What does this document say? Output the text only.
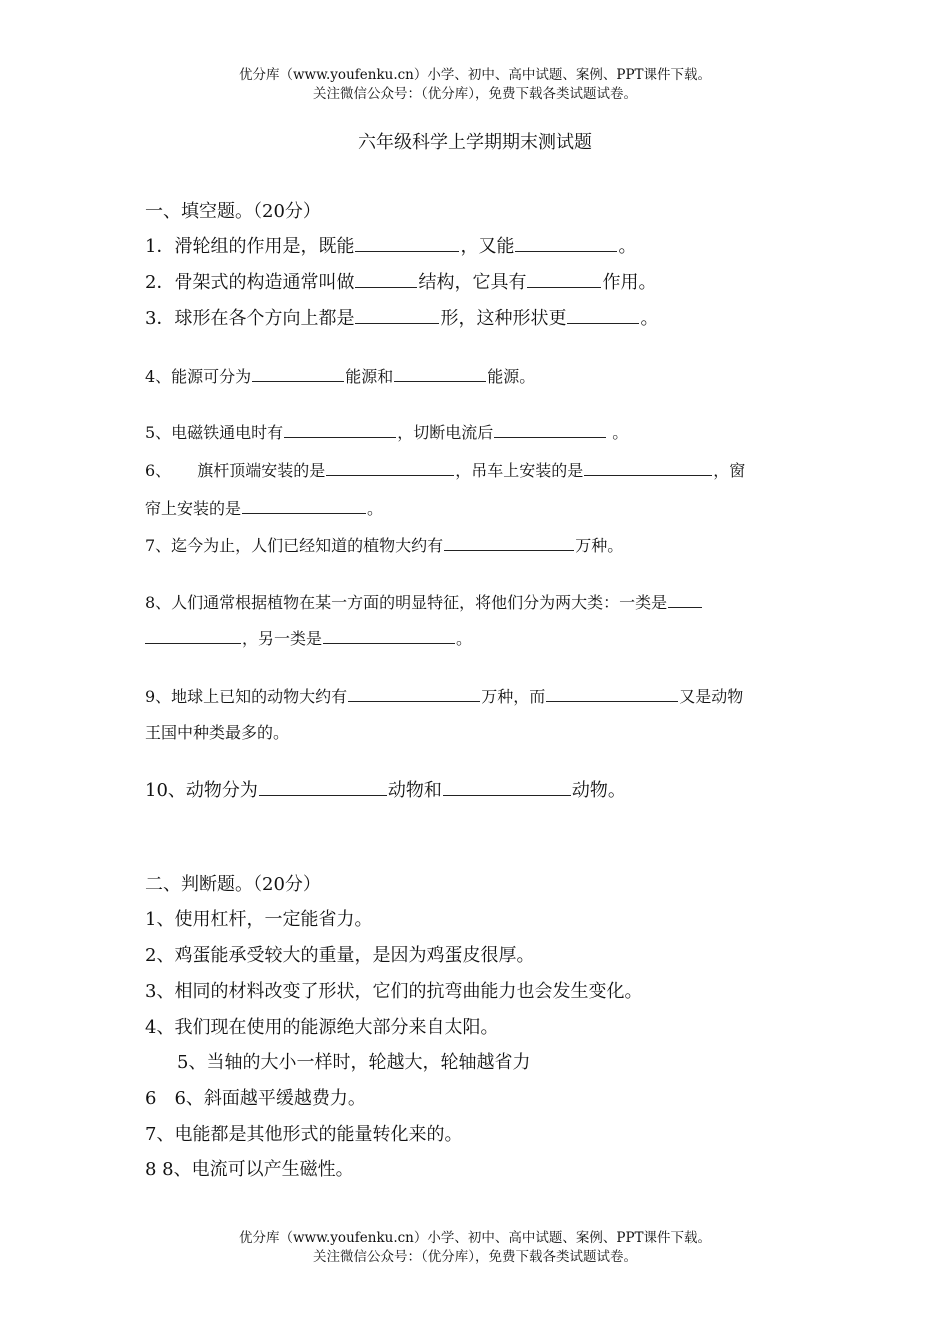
优分库（www.youfenku.cn）小学、初中、高中试题、案例、PPT课件下载。
关注微信公众号：（优分库），免费下载各类试题试卷。
六年级科学上学期期末测试题
一、填空题。（20分）
1．滑轮组的作用是，既能	，又能	。
2．骨架式的构造通常叫做	结构，它具有	作用。
3．球形在各个方向上都是	形，这种形状更	。
4、能源可分为	能源和	能源。
5、电磁铁通电时有	，切断电流后	。
6、 旗杆顶端安装的是	，吊车上安装的是	，窗
帘上安装的是	。
7、迄今为止，人们已经知道的植物大约有	万种。
8、人们通常根据植物在某一方面的明显特征，将他们分为两大类：一类是
，另一类是	。
9、地球上已知的动物大约有	万种，而	又是动物
王国中种类最多的。
10、动物分为	动物和	动物。
二、判断题。（20分）
1、使用杠杆，一定能省力。
2、鸡蛋能承受较大的重量，是因为鸡蛋皮很厚。
3、相同的材料改变了形状，它们的抗弯曲能力也会发生变化。
4、我们现在使用的能源绝大部分来自太阳。
5、当轴的大小一样时，轮越大，轮轴越省力
6　6、斜面越平缓越费力。
7、电能都是其他形式的能量转化来的。
8 8、电流可以产生磁性。
优分库（www.youfenku.cn）小学、初中、高中试题、案例、PPT课件下载。
关注微信公众号：（优分库），免费下载各类试题试卷。
